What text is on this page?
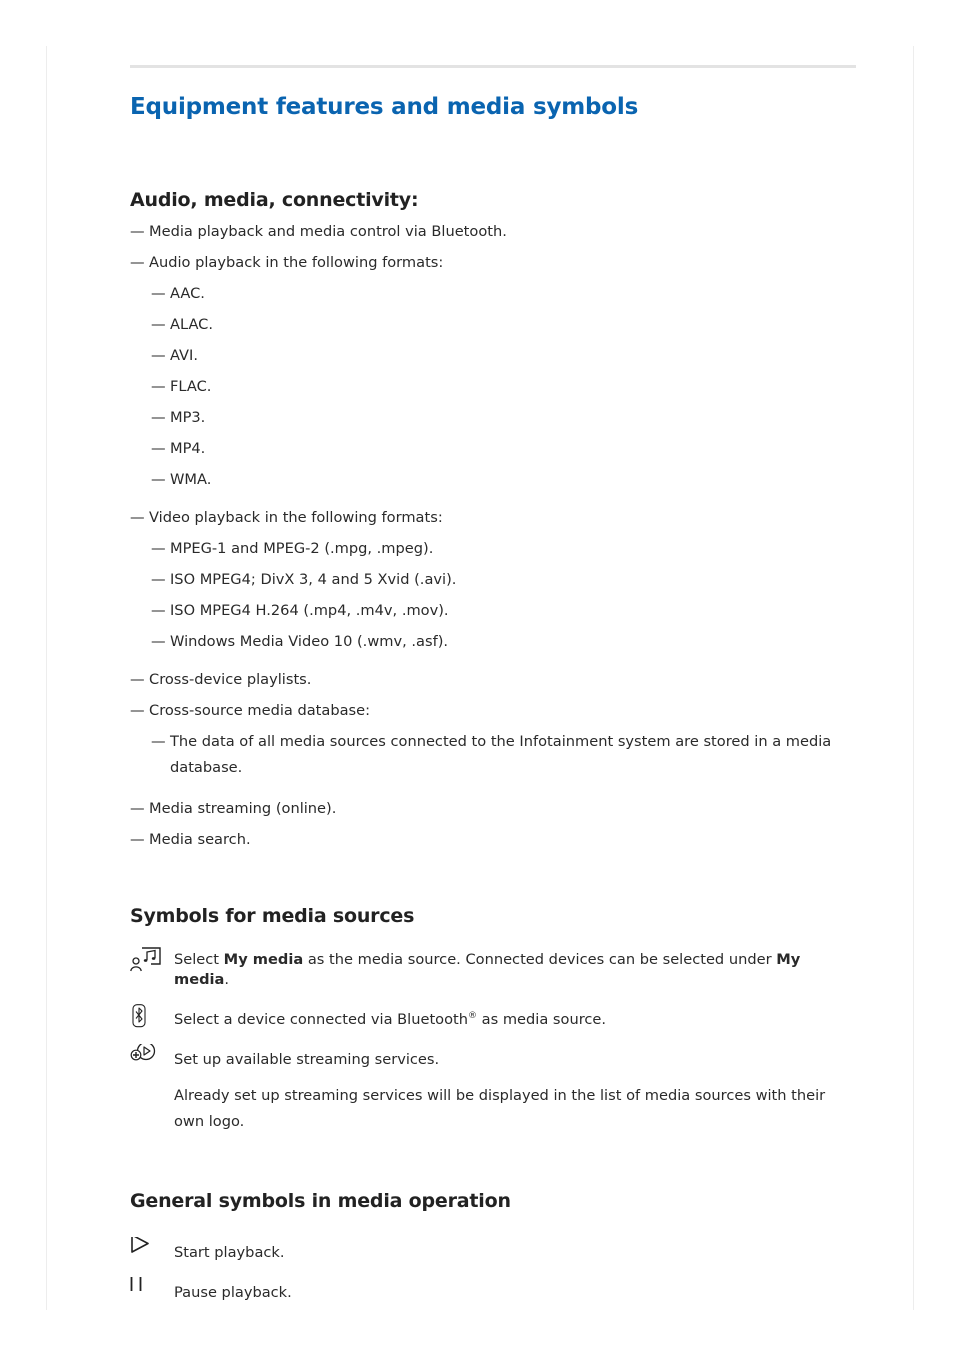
Equipment features and media symbols
Audio, media, connectivity:
— Media playback and media control via Bluetooth.
— Audio playback in the following formats:
— AAC.
— ALAC.
— AVI.
— FLAC.
— MP3.
— MP4.
— WMA.
— Video playback in the following formats:
— MPEG-1 and MPEG-2 (.mpg, .mpeg).
— ISO MPEG4; DivX 3, 4 and 5 Xvid (.avi).
— ISO MPEG4 H.264 (.mp4, .m4v, .mov).
— Windows Media Video 10 (.wmv, .asf).
— Cross-device playlists.
— Cross-source media database:
— The data of all media sources connected to the Infotainment system are stored in a media database.
— Media streaming (online).
— Media search.
Symbols for media sources
Select My media as the media source. Connected devices can be selected under My media.
Select a device connected via Bluetooth® as media source.
Set up available streaming services.
Already set up streaming services will be displayed in the list of media sources with their own logo.
General symbols in media operation
Start playback.
Pause playback.
